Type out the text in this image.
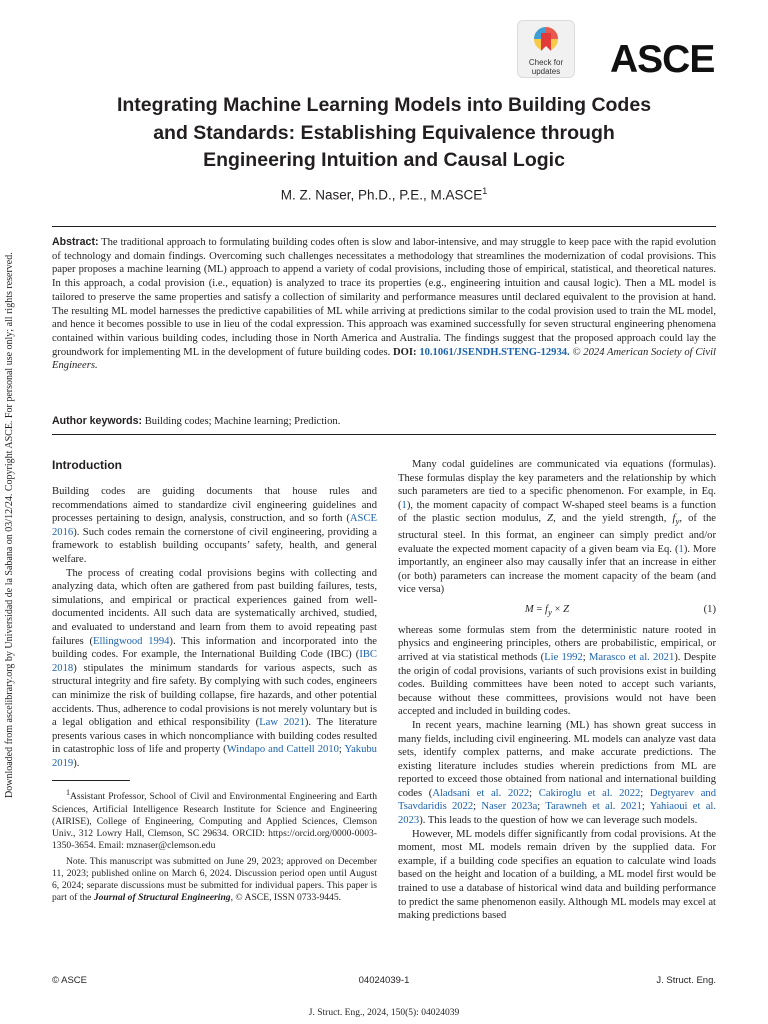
Downloaded from ascelibrary.org by Universidad de la Sabana on 03/12/24. Copyright ASCE. For personal use only; all rights reserved.
Check for
updates ASCE
Integrating Machine Learning Models into Building Codes
and Standards: Establishing Equivalence through
Engineering Intuition and Causal Logic
M. Z. Naser, Ph.D., P.E., M.ASCE$^1$
Abstract: The traditional approach to formulating building codes often is slow and labor-intensive, and may struggle to keep pace with the rapid evolution of technology and domain findings. Overcoming such challenges necessitates a methodology that streamlines the modernization of codal provisions. This paper proposes a machine learning (ML) approach to append a variety of codal provisions, including those of empirical, statistical, and theoretical natures. In this approach, a codal provision (i.e., equation) is analyzed to trace its properties (e.g., engineering intuition and causal logic). Then a ML model is tailored to preserve the same properties and satisfy a collection of similarity and performance measures until declared equivalent to the provision at hand. The resulting ML model harnesses the predictive capabilities of ML while arriving at predictions similar to the codal provision used to train the ML model, and hence it becomes possible to use in lieu of the codal expression. This approach was examined successfully for seven structural engineering phenomena contained within various building codes, including those in North America and Australia. The findings suggest that the proposed approach could lay the groundwork for implementing ML in the development of future building codes. DOI: 10.1061/JSENDH.STENG-12934. © 2024 American Society of Civil Engineers.
Author keywords: Building codes; Machine learning; Prediction.
Introduction

Building codes are guiding documents that house rules and recommendations aimed to standardize civil engineering guidelines and processes pertaining to design, analysis, construction, and so forth (ASCE 2016). Such codes remain the cornerstone of civil engineering, providing a framework to establish building occupants’ safety, health, and general welfare.

The process of creating codal provisions begins with collecting and analyzing data, which often are gathered from past building failures, tests, simulations, and empirical or practical experiences gained from well-documented incidents. All such data are systematically archived, studied, and evaluated to understand and learn from them to avoid repeating past failures (Ellingwood 1994). This information and incorporated into the building codes. For example, the International Building Code (IBC) (IBC 2018) stipulates the minimum standards for various aspects, such as structural integrity and fire safety. By complying with such codes, engineers can minimize the risk of building collapse, fire hazards, and other potential accidents. Thus, adherence to codal provisions is not merely voluntary but is a legal obligation and ethical responsibility (Law 2021). The literature presents various cases in which noncompliance with building codes resulted in catastrophic loss of life and property (Windapo and Cattell 2010; Yakubu 2019).

$^1$Assistant Professor, School of Civil and Environmental Engineering and Earth Sciences, Artificial Intelligence Research Institute for Science and Engineering (AIRISE), College of Engineering, Computing and Applied Sciences, Clemson Univ., 312 Lowry Hall, Clemson, SC 29634. ORCID: https://orcid.org/0000-0003-1350-3654. Email: mznaser@clemson.edu

Note. This manuscript was submitted on June 29, 2023; approved on December 11, 2023; published online on March 6, 2024. Discussion period open until August 6, 2024; separate discussions must be submitted for individual papers. This paper is part of the Journal of Structural Engineering, © ASCE, ISSN 0733-9445.

Many codal guidelines are communicated via equations (formulas). These formulas display the key parameters and the relationship by which such parameters are tied to a specific phenomenon. For example, in Eq. (1), the moment capacity of compact W-shaped steel beams is a function of the plastic section modulus, Z, and the yield strength, $f_y$, of the structural steel. In this format, an engineer can simply predict and/or evaluate the expected moment capacity of a given beam via Eq. (1). More importantly, an engineer also may causally infer that an increase in either (or both) parameters can increase the moment capacity of the beam (and vice versa)

$M = f_y \times Z$	(1)

whereas some formulas stem from the deterministic nature rooted in physics and engineering principles, others are probabilistic, empirical, or arrived at via statistical methods (Lie 1992; Marasco et al. 2021). Despite the origin of codal provisions, variants of such provisions exist in building codes. Building committees have been noted to accept such variants, because without these committees, provisions would not have been accepted and included in building codes.

In recent years, machine learning (ML) has shown great success in many fields, including civil engineering. ML models can analyze vast data sets, identify complex patterns, and make accurate predictions. The existing literature includes studies wherein predictions from ML are reported to exceed those obtained from national and international building codes (Aladsani et al. 2022; Cakiroglu et al. 2022; Degtyarev and Tsavdaridis 2022; Naser 2023a; Tarawneh et al. 2021; Yahiaoui et al. 2023). This leads to the question of how we can leverage such models.

However, ML models differ significantly from codal provisions. At the moment, most ML models remain driven by the supplied data. For example, if a building code specifies an equation to calculate wind loads based on the height and location of a building, a ML model first would be trained to use a database of historical wind data and building performance to predict the same phenomenon easily. Although ML models may excel at making predictions based

© ASCE	04024039-1	J. Struct. Eng.
J. Struct. Eng., 2024, 150(5): 04024039
